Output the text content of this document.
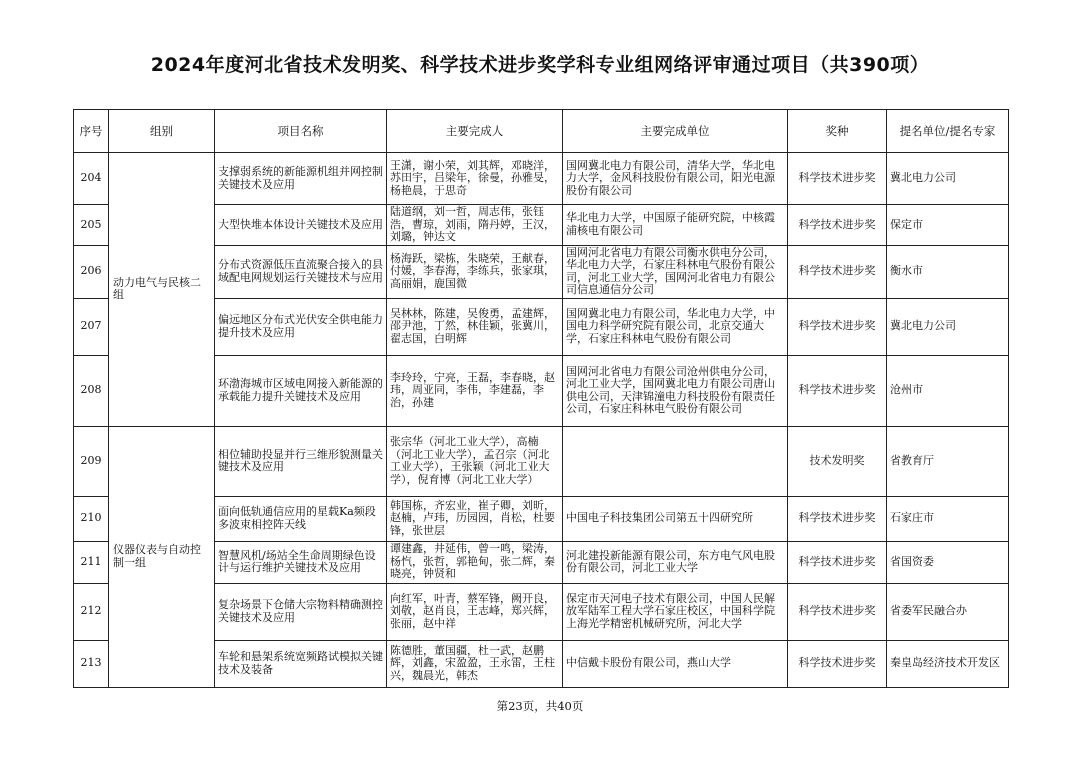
2024年度河北省技术发明奖、科学技术进步奖学科专业组网络评审通过项目（共390项）
序号	组别	项目名称	主要完成人	主要完成单位	奖种	提名单位/提名专家
204	动力电气与民核二组	支撑弱系统的新能源机组并网控制关键技术及应用	王潇，谢小荣，刘其辉，邓晓洋，苏田宇，吕梁年，徐曼，孙雅旻，杨艳晨，于思奇	国网冀北电力有限公司，清华大学，华北电力大学，金风科技股份有限公司，阳光电源股份有限公司	科学技术进步奖	冀北电力公司
205		大型快堆本体设计关键技术及应用	陆道纲，刘一哲，周志伟，张钰浩，曹琼，刘雨，隋丹婷，王汉，刘璐，钟达文	华北电力大学，中国原子能研究院，中核霞浦核电有限公司	科学技术进步奖	保定市
206		分布式资源低压直流聚合接入的县域配电网规划运行关键技术与应用	杨海跃，梁栋，朱晓荣，王献春，付媛，李春海，李练兵，张家琪，高丽娟，鹿国微	国网河北省电力有限公司衡水供电分公司，华北电力大学，石家庄科林电气股份有限公司，河北工业大学，国网河北省电力有限公司信息通信分公司	科学技术进步奖	衡水市
207		偏远地区分布式光伏安全供电能力提升技术及应用	吴林林，陈建，吴俊勇，孟建辉，邵尹池，丁然，林佳颖，张冀川，翟志国，白明辉	国网冀北电力有限公司，华北电力大学，中国电力科学研究院有限公司，北京交通大学，石家庄科林电气股份有限公司	科学技术进步奖	冀北电力公司
208		环渤海城市区域电网接入新能源的承载能力提升关键技术及应用	李玲玲，宁亮，王磊，李春晓，赵玮，周亚同，李伟，李建磊，李治，孙建	国网河北省电力有限公司沧州供电分公司，河北工业大学，国网冀北电力有限公司唐山供电公司，天津锦潼电力科技股份有限责任公司，石家庄科林电气股份有限公司	科学技术进步奖	沧州市
209	仪器仪表与自动控制一组	相位辅助投显并行三维形貌测量关键技术及应用	张宗华（河北工业大学），高楠（河北工业大学），孟召宗（河北工业大学），王张颖（河北工业大学），倪育博（河北工业大学）		技术发明奖	省教育厅
210		面向低轨通信应用的星载Ka频段多波束相控阵天线	韩国栋，齐宏业，崔子卿，刘昕，赵楠，卢玮，历园园，肖松，杜要锋，张世层	中国电子科技集团公司第五十四研究所	科学技术进步奖	石家庄市
211		智慧风机/场站全生命周期绿色设计与运行维护关键技术及应用	谭建鑫，井延伟，曾一鸣，梁涛，杨忾，张哲，郭艳甸，张二辉，秦晓亮，钟贤和	河北建投新能源有限公司，东方电气风电股份有限公司，河北工业大学	科学技术进步奖	省国资委
212		复杂场景下仓储大宗物料精确测控关键技术及应用	向红军，叶青，蔡军锋，阙开良，刘敬，赵肖良，王志峰，郑兴辉，张丽，赵中祥	保定市天河电子技术有限公司，中国人民解放军陆军工程大学石家庄校区，中国科学院上海光学精密机械研究所，河北大学	科学技术进步奖	省委军民融合办
213		车轮和悬架系统宽频路试模拟关键技术及装备	陈德胜，董国疆，杜一武，赵鹏辉，刘鑫，宋盈盈，王永雷，王柱兴，魏晨光，韩杰	中信戴卡股份有限公司，燕山大学	科学技术进步奖	秦皇岛经济技术开发区
第23页，共40页
